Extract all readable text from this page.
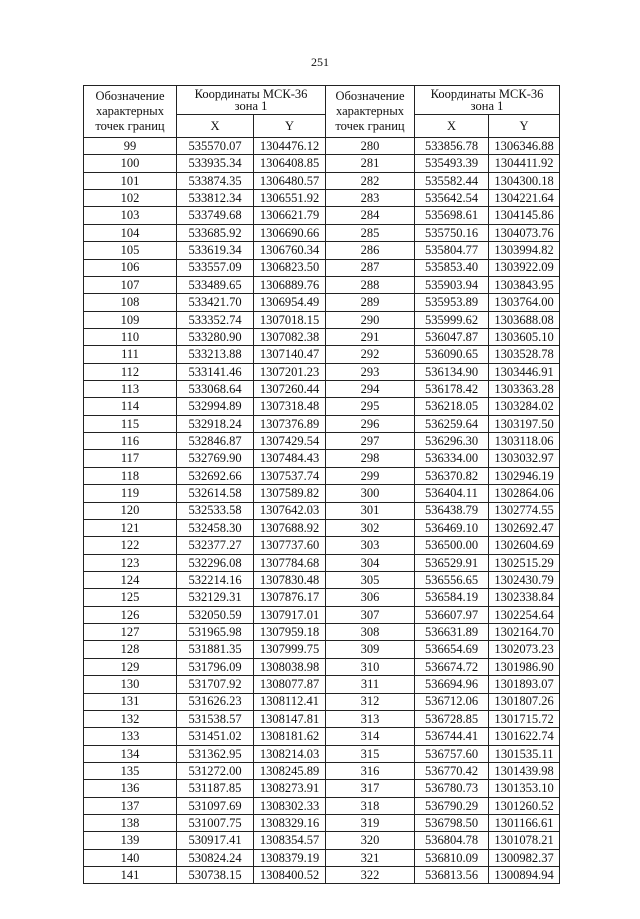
251
Обозначение
характерных
точек границ	Координаты МСК-36
зона 1		Обозначение
характерных
точек границ	Координаты МСК-36
зона 1	
	X	Y		X	Y
99	535570.07	1304476.12	280	533856.78	1306346.88
100	533935.34	1306408.85	281	535493.39	1304411.92
101	533874.35	1306480.57	282	535582.44	1304300.18
102	533812.34	1306551.92	283	535642.54	1304221.64
103	533749.68	1306621.79	284	535698.61	1304145.86
104	533685.92	1306690.66	285	535750.16	1304073.76
105	533619.34	1306760.34	286	535804.77	1303994.82
106	533557.09	1306823.50	287	535853.40	1303922.09
107	533489.65	1306889.76	288	535903.94	1303843.95
108	533421.70	1306954.49	289	535953.89	1303764.00
109	533352.74	1307018.15	290	535999.62	1303688.08
110	533280.90	1307082.38	291	536047.87	1303605.10
111	533213.88	1307140.47	292	536090.65	1303528.78
112	533141.46	1307201.23	293	536134.90	1303446.91
113	533068.64	1307260.44	294	536178.42	1303363.28
114	532994.89	1307318.48	295	536218.05	1303284.02
115	532918.24	1307376.89	296	536259.64	1303197.50
116	532846.87	1307429.54	297	536296.30	1303118.06
117	532769.90	1307484.43	298	536334.00	1303032.97
118	532692.66	1307537.74	299	536370.82	1302946.19
119	532614.58	1307589.82	300	536404.11	1302864.06
120	532533.58	1307642.03	301	536438.79	1302774.55
121	532458.30	1307688.92	302	536469.10	1302692.47
122	532377.27	1307737.60	303	536500.00	1302604.69
123	532296.08	1307784.68	304	536529.91	1302515.29
124	532214.16	1307830.48	305	536556.65	1302430.79
125	532129.31	1307876.17	306	536584.19	1302338.84
126	532050.59	1307917.01	307	536607.97	1302254.64
127	531965.98	1307959.18	308	536631.89	1302164.70
128	531881.35	1307999.75	309	536654.69	1302073.23
129	531796.09	1308038.98	310	536674.72	1301986.90
130	531707.92	1308077.87	311	536694.96	1301893.07
131	531626.23	1308112.41	312	536712.06	1301807.26
132	531538.57	1308147.81	313	536728.85	1301715.72
133	531451.02	1308181.62	314	536744.41	1301622.74
134	531362.95	1308214.03	315	536757.60	1301535.11
135	531272.00	1308245.89	316	536770.42	1301439.98
136	531187.85	1308273.91	317	536780.73	1301353.10
137	531097.69	1308302.33	318	536790.29	1301260.52
138	531007.75	1308329.16	319	536798.50	1301166.61
139	530917.41	1308354.57	320	536804.78	1301078.21
140	530824.24	1308379.19	321	536810.09	1300982.37
141	530738.15	1308400.52	322	536813.56	1300894.94
